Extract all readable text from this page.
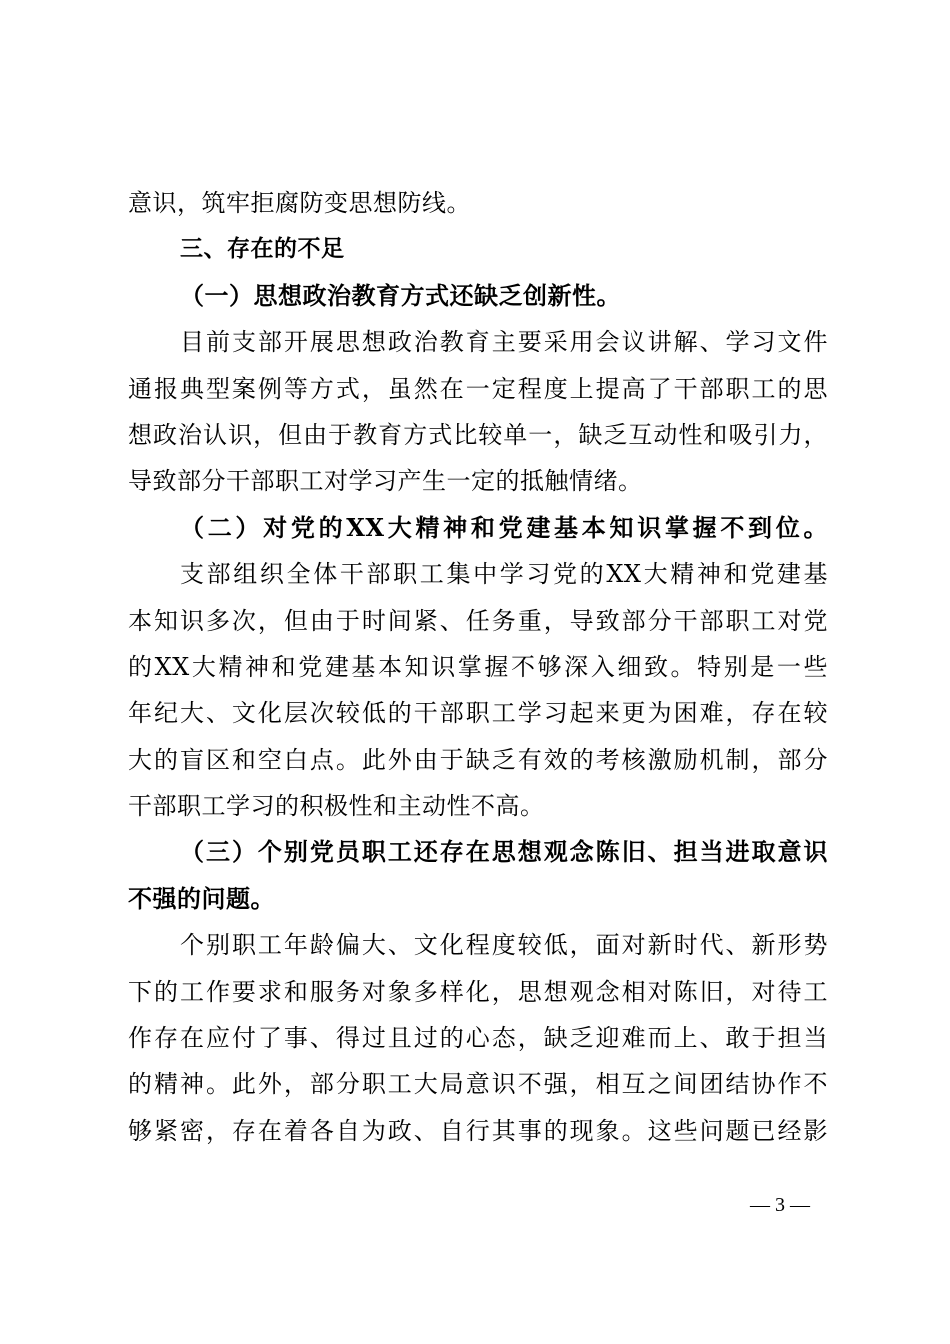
意识，筑牢拒腐防变思想防线。
三、存在的不足
（一）思想政治教育方式还缺乏创新性。
目前支部开展思想政治教育主要采用会议讲解、学习文件
通报典型案例等方式，虽然在一定程度上提高了干部职工的思
想政治认识，但由于教育方式比较单一，缺乏互动性和吸引力，
导致部分干部职工对学习产生一定的抵触情绪。
（二）对党的XX大精神和党建基本知识掌握不到位。
支部组织全体干部职工集中学习党的XX大精神和党建基
本知识多次，但由于时间紧、任务重，导致部分干部职工对党
的XX大精神和党建基本知识掌握不够深入细致。特别是一些
年纪大、文化层次较低的干部职工学习起来更为困难，存在较
大的盲区和空白点。此外由于缺乏有效的考核激励机制，部分
干部职工学习的积极性和主动性不高。
（三）个别党员职工还存在思想观念陈旧、担当进取意识
不强的问题。
个别职工年龄偏大、文化程度较低，面对新时代、新形势
下的工作要求和服务对象多样化，思想观念相对陈旧，对待工
作存在应付了事、得过且过的心态，缺乏迎难而上、敢于担当
的精神。此外，部分职工大局意识不强，相互之间团结协作不
够紧密，存在着各自为政、自行其事的现象。这些问题已经影
— 3 —
